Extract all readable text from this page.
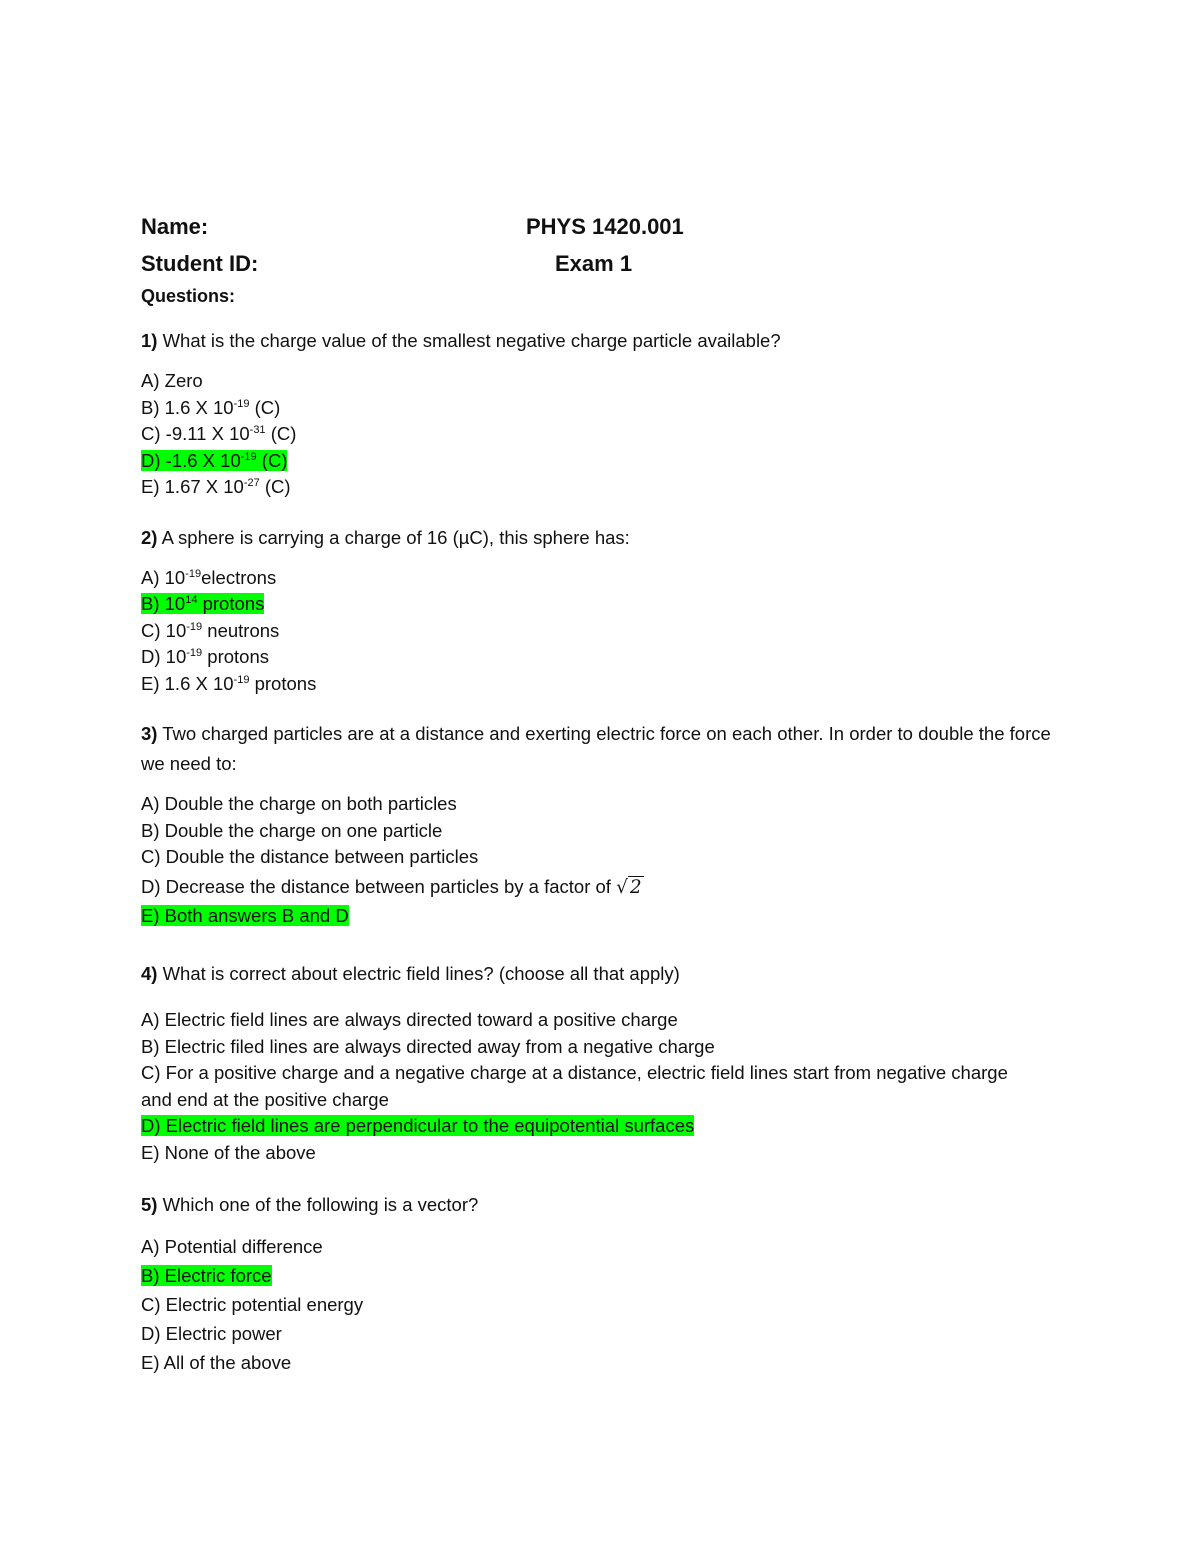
Name:	PHYS 1420.001
Student ID:	Exam 1
Questions:
1) What is the charge value of the smallest negative charge particle available?
A) Zero
B) 1.6 X $10^{-19}$ (C)
C) -9.11 X $10^{-31}$ (C)
D) -1.6 X $10^{-19}$ (C)
E) 1.67 X $10^{-27}$ (C)
2) A sphere is carrying a charge of 16 (µC), this sphere has:
A) $10^{-19}electrons$
B) $10^{14}$ protons
C) $10^{-19}$ neutrons
D) $10^{-19}$ protons
E) 1.6 X $10^{-19}$ protons
3) Two charged particles are at a distance and exerting electric force on each other. In order to double the force we need to:
A) Double the charge on both particles
B) Double the charge on one particle
C) Double the distance between particles
D) Decrease the distance between particles by a factor of √ 2
E) Both answers B and D
4) What is correct about electric field lines? (choose all that apply)
A) Electric field lines are always directed toward a positive charge
B) Electric filed lines are always directed away from a negative charge
C) For a positive charge and a negative charge at a distance, electric field lines start from negative charge and end at the positive charge
D) Electric field lines are perpendicular to the equipotential surfaces
E) None of the above
5) Which one of the following is a vector?
A) Potential difference
B) Electric force
C) Electric potential energy
D) Electric power
E) All of the above
